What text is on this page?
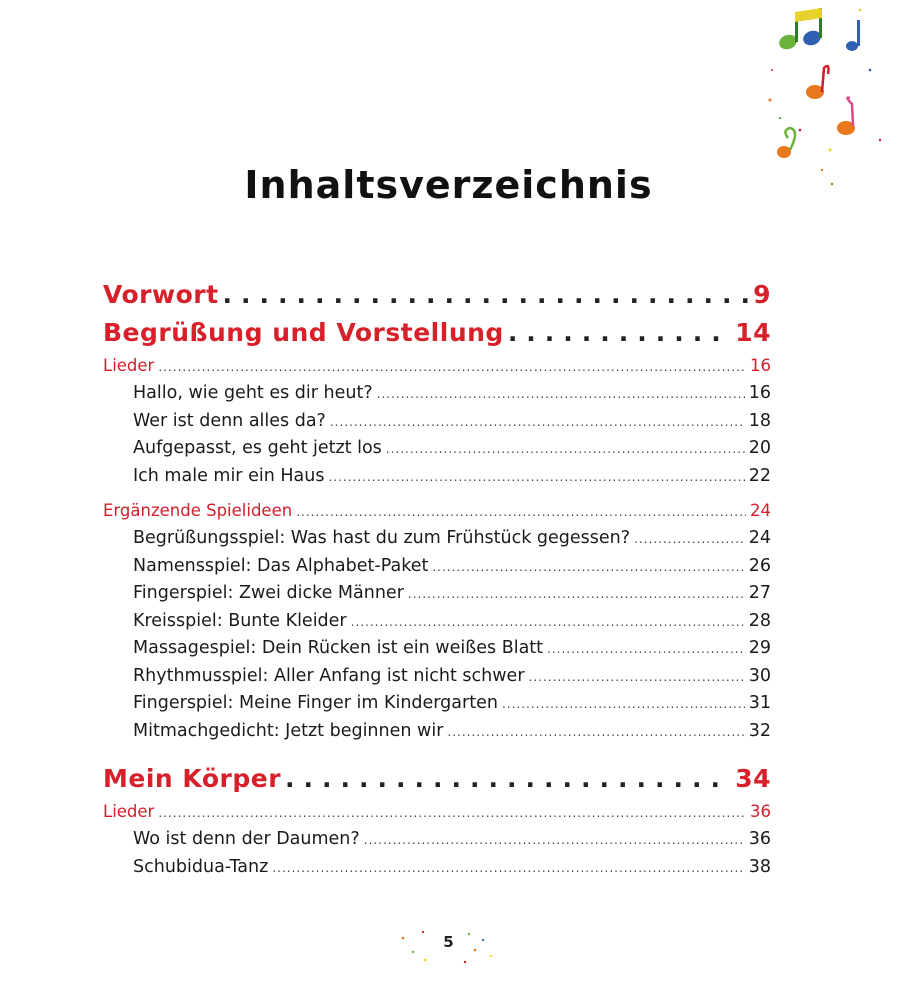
Inhaltsverzeichnis
Vorwort .....	9
Begrüßung und Vorstellung .....	14
Lieder .....	16
Hallo, wie geht es dir heut? .....	16
Wer ist denn alles da? .....	18
Aufgepasst, es geht jetzt los .....	20
Ich male mir ein Haus .....	22
Ergänzende Spielideen .....	24
Begrüßungsspiel: Was hast du zum Frühstück gegessen? .....	24
Namensspiel: Das Alphabet-Paket .....	26
Fingerspiel: Zwei dicke Männer .....	27
Kreisspiel: Bunte Kleider .....	28
Massagespiel: Dein Rücken ist ein weißes Blatt .....	29
Rhythmusspiel: Aller Anfang ist nicht schwer .....	30
Fingerspiel: Meine Finger im Kindergarten .....	31
Mitmachgedicht: Jetzt beginnen wir .....	32
Mein Körper .....	34
Lieder .....	36
Wo ist denn der Daumen? .....	36
Schubidua-Tanz .....	38
5
